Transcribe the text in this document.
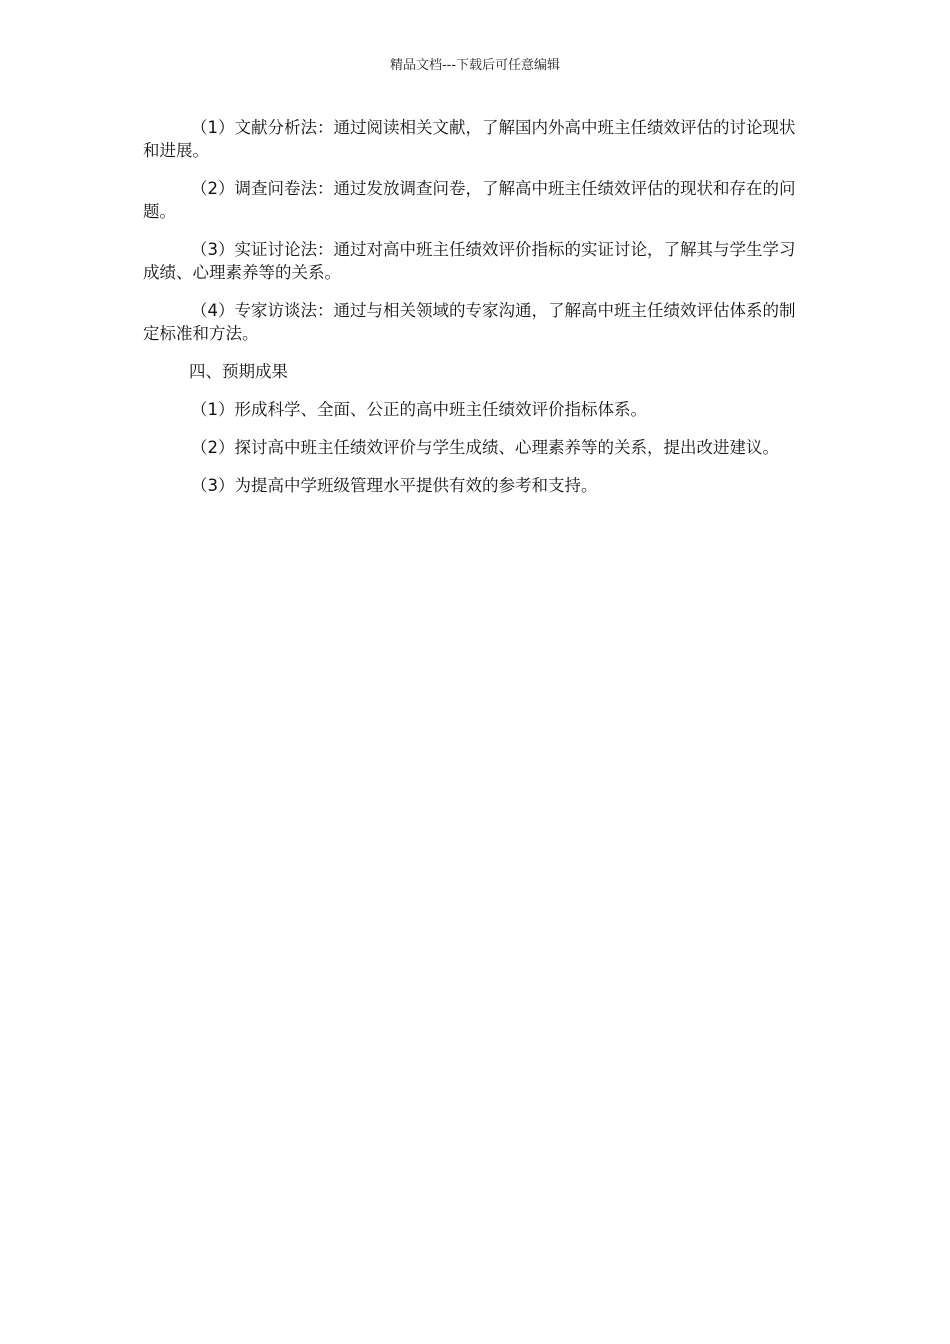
精品文档---下载后可任意编辑

（1）文献分析法：通过阅读相关文献，了解国内外高中班主任绩效评估的讨论现状和进展。

（2）调查问卷法：通过发放调查问卷，了解高中班主任绩效评估的现状和存在的问题。

（3）实证讨论法：通过对高中班主任绩效评价指标的实证讨论，了解其与学生学习成绩、心理素养等的关系。

（4）专家访谈法：通过与相关领域的专家沟通，了解高中班主任绩效评估体系的制定标准和方法。

四、预期成果

（1）形成科学、全面、公正的高中班主任绩效评价指标体系。

（2）探讨高中班主任绩效评价与学生成绩、心理素养等的关系，提出改进建议。

（3）为提高中学班级管理水平提供有效的参考和支持。
